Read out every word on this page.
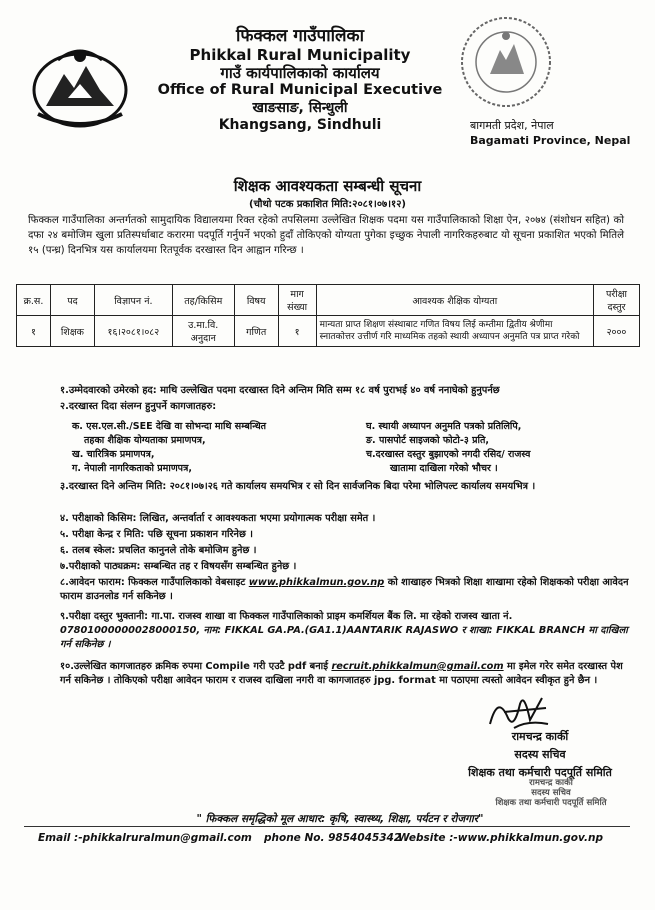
फिक्कल गाउँपालिका
Phikkal Rural Municipality
गाउँ कार्यपालिकाको कार्यालय
Office of Rural Municipal Executive
खाङसाङ, सिन्धुली
Khangsang, Sindhuli	बागमती प्रदेश, नेपाल
Bagamati Province, Nepal
शिक्षक आवश्यकता सम्बन्धी सूचना
(चौथो पटक प्रकाशित मिति:२०८१।०७।१२)
फिक्कल गाउँपालिका अन्तर्गतको सामुदायिक विद्यालयमा रिक्त रहेको तपसिलमा उल्लेखित शिक्षक पदमा यस गाउँपालिकाको शिक्षा ऐन, २०७४ (संशोधन सहित) को दफा २४ बमोजिम खुला प्रतिस्पर्धाबाट करारमा पदपूर्ति गर्नुपर्ने भएको हुदाँ तोकिएको योग्यता पुगेका इच्छुक नेपाली नागरिकहरुबाट यो सूचना प्रकाशित भएको मितिले १५ (पन्ध्र) दिनभित्र यस कार्यालयमा रितपूर्वक दरखास्त दिन आह्वान गरिन्छ ।
क्र.स.	पद	विज्ञापन नं.	तह/किसिम	विषय	माग संख्या	आवश्यक शैक्षिक योग्यता	परीक्षा दस्तुर
१	शिक्षक	१६।२०८१।०८२	उ.मा.वि. अनुदान	गणित	१	मान्यता प्राप्त शिक्षण संस्थाबाट गणित विषय लिई कम्तीमा द्वितीय श्रेणीमा स्नातकोत्तर उत्तीर्ण गरि माध्यमिक तहको स्थायी अध्यापन अनुमति पत्र प्राप्त गरेको	२०००
१.उम्मेदवारको उमेरको हद: माथि उल्लेखित पदमा दरखास्त दिने अन्तिम मिति सम्म १८ वर्ष पुराभई ४० वर्ष ननाघेको हुनुपर्नछ
२.दरखास्त दिदा संलग्न हुनुपर्ने कागजातहरु:
क. एस.एल.सी./SEE देखि वा सोभन्दा माथि सम्बन्धित
तहका शैक्षिक योग्यताका प्रमाणपत्र,
ख. चारित्रिक प्रमाणपत्र,
ग. नेपाली नागरिकताको प्रमाणपत्र,
घ. स्थायी अध्यापन अनुमति पत्रको प्रतिलिपि,
ङ. पासपोर्ट साइजको फोटो-३ प्रति,
च.दरखास्त दस्तुर बुझाएको नगदी रसिद/ राजस्व
खातामा दाखिला गरेको भौचर ।
३.दरखास्त दिने अन्तिम मिति: २०८१।०७।२६ गते कार्यालय समयभित्र र सो दिन सार्वजनिक बिदा परेमा भोलिपल्ट कार्यालय समयभित्र ।
४. परीक्षाको किसिम: लिखित, अन्तर्वार्ता र आवश्यकता भएमा प्रयोगात्मक परीक्षा समेत ।
५. परीक्षा केन्द्र र मिति: पछि सूचना प्रकाशन गरिनेछ ।
६. तलब स्केल: प्रचलित कानुनले तोके बमोजिम हुनेछ ।
७.परीक्षाको पाठ्यक्रम: सम्बन्धित तह र विषयसँग सम्बन्धित हुनेछ ।
८.आवेदन फाराम: फिक्कल गाउँपालिकाको वेबसाइट www.phikkalmun.gov.np को शाखाहरु भित्रको शिक्षा शाखामा रहेको शिक्षकको परीक्षा आवेदन फाराम डाउनलोड गर्न सकिनेछ ।
९.परीक्षा दस्तुर भुक्तानी: गा.पा. राजस्व शाखा वा फिक्कल गाउँपालिकाको प्राइम कमर्शियल बैंक लि. मा रहेको राजस्व खाता नं. 07801000000028000150, नाम: FIKKAL GA.PA.(GA1.1)AANTARIK RAJASWO र शाखा: FIKKAL BRANCH मा दाखिला गर्न सकिनेछ ।
१०.उल्लेखित कागजातहरु क्रमिक रुपमा Compile गरी एउटै pdf बनाई recruit.phikkalmun@gmail.com मा इमेल गरेर समेत दरखास्त पेश गर्न सकिनेछ । तोकिएको परीक्षा आवेदन फाराम र राजस्व दाखिला नगरी वा कागजातहरु jpg. format मा पठाएमा त्यस्तो आवेदन स्वीकृत हुने छैन ।
रामचन्द्र कार्की
सदस्य सचिव
शिक्षक तथा कर्मचारी पदपूर्ति समिति
रामचन्द्र कार्की
सदस्य सचिव
शिक्षक तथा कर्मचारी पदपूर्ति समिति
" फिक्कल समृद्धिको मूल आधार: कृषि, स्वास्थ्य, शिक्षा, पर्यटन र रोजगार"
Email :-phikkalruralmun@gmail.com phone No. 9854045342
Website :-www.phikkalmun.gov.np
